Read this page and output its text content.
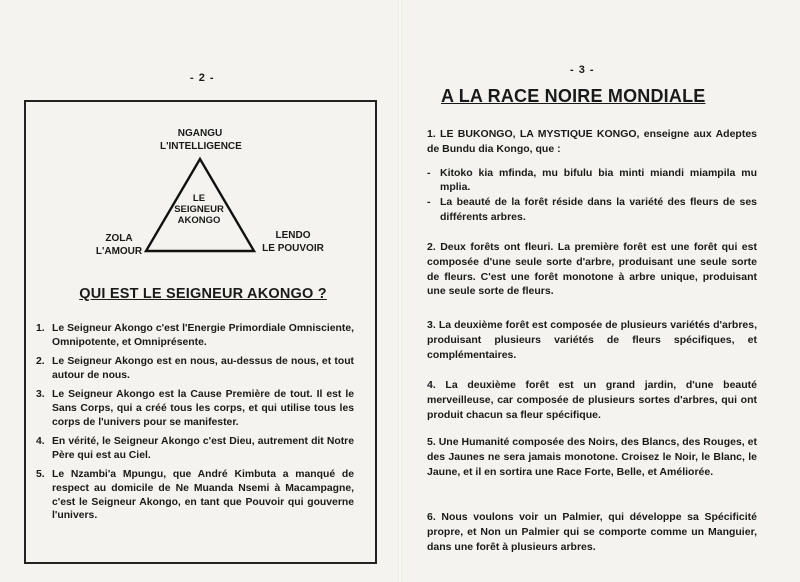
- 2 -
NGANGU
L'INTELLIGENCE
LE
SEIGNEUR
AKONGO
ZOLA
L'AMOUR
LENDO
LE POUVOIR
QUI EST LE SEIGNEUR AKONGO ?
1. Le Seigneur Akongo c'est l'Energie Primordiale Omnisciente, Omnipotente, et Omniprésente.
2. Le Seigneur Akongo est en nous, au-dessus de nous, et tout autour de nous.
3. Le Seigneur Akongo est la Cause Première de tout. Il est le Sans Corps, qui a créé tous les corps, et qui utilise tous les corps de l'univers pour se manifester.
4. En vérité, le Seigneur Akongo c'est Dieu, autrement dit Notre Père qui est au Ciel.
5. Le Nzambi'a Mpungu, que André Kimbuta a manqué de respect au domicile de Ne Muanda Nsemi à Macampagne, c'est le Seigneur Akongo, en tant que Pouvoir qui gouverne l'univers.
- 3 -
A LA RACE NOIRE MONDIALE
1. LE BUKONGO, LA MYSTIQUE KONGO, enseigne aux Adeptes de Bundu dia Kongo, que :
- Kitoko kia mfinda, mu bifulu bia minti miandi miampila mu mplia.
- La beauté de la forêt réside dans la variété des fleurs de ses différents arbres.
2. Deux forêts ont fleuri. La première forêt est une forêt qui est composée d'une seule sorte d'arbre, produisant une seule sorte de fleurs. C'est une forêt monotone à arbre unique, produisant une seule sorte de fleurs.
3. La deuxième forêt est composée de plusieurs variétés d'arbres, produisant plusieurs variétés de fleurs spécifiques, et complémentaires.
4. La deuxième forêt est un grand jardin, d'une beauté merveilleuse, car composée de plusieurs sortes d'arbres, qui ont produit chacun sa fleur spécifique.
5. Une Humanité composée des Noirs, des Blancs, des Rouges, et des Jaunes ne sera jamais monotone. Croisez le Noir, le Blanc, le Jaune, et il en sortira une Race Forte, Belle, et Améliorée.
6. Nous voulons voir un Palmier, qui développe sa Spécificité propre, et Non un Palmier qui se comporte comme un Manguier, dans une forêt à plusieurs arbres.
